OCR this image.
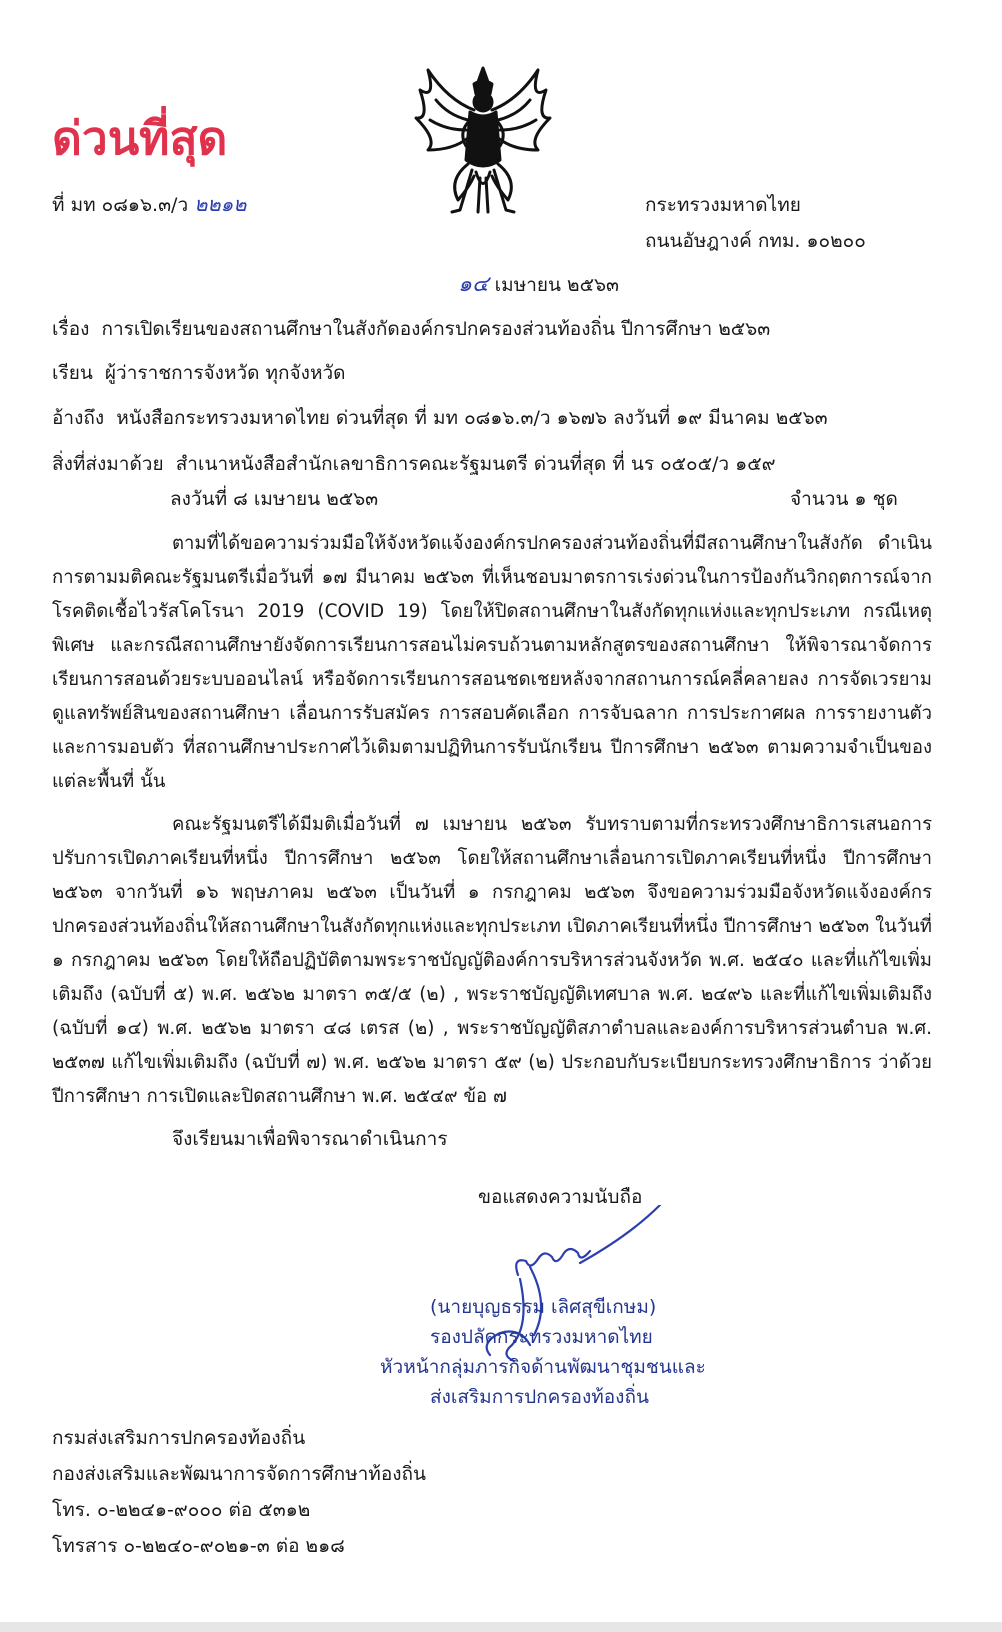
ด่วนที่สุด
ที่ มท ๐๘๑๖.๓/ว ๒๒๑๒	กระทรวงมหาดไทย
ถนนอัษฎางค์ กทม. ๑๐๒๐๐
๑๔ เมษายน ๒๕๖๓
เรื่อง การเปิดเรียนของสถานศึกษาในสังกัดองค์กรปกครองส่วนท้องถิ่น ปีการศึกษา ๒๕๖๓
เรียน ผู้ว่าราชการจังหวัด ทุกจังหวัด
อ้างถึง หนังสือกระทรวงมหาดไทย ด่วนที่สุด ที่ มท ๐๘๑๖.๓/ว ๑๖๗๖ ลงวันที่ ๑๙ มีนาคม ๒๕๖๓
สิ่งที่ส่งมาด้วย สำเนาหนังสือสำนักเลขาธิการคณะรัฐมนตรี ด่วนที่สุด ที่ นร ๐๕๐๕/ว ๑๕๙
ลงวันที่ ๘ เมษายน ๒๕๖๓	จำนวน ๑ ชุด
ตามที่ได้ขอความร่วมมือให้จังหวัดแจ้งองค์กรปกครองส่วนท้องถิ่นที่มีสถานศึกษาในสังกัด ดำเนินการตามมติคณะรัฐมนตรีเมื่อวันที่ ๑๗ มีนาคม ๒๕๖๓ ที่เห็นชอบมาตรการเร่งด่วนในการป้องกันวิกฤตการณ์จากโรคติดเชื้อไวรัสโคโรนา 2019 (COVID 19) โดยให้ปิดสถานศึกษาในสังกัดทุกแห่งและทุกประเภท กรณีเหตุพิเศษ และกรณีสถานศึกษายังจัดการเรียนการสอนไม่ครบถ้วนตามหลักสูตรของสถานศึกษา ให้พิจารณาจัดการเรียนการสอนด้วยระบบออนไลน์ หรือจัดการเรียนการสอนชดเชยหลังจากสถานการณ์คลี่คลายลง การจัดเวรยามดูแลทรัพย์สินของสถานศึกษา เลื่อนการรับสมัคร การสอบคัดเลือก การจับฉลาก การประกาศผล การรายงานตัว และการมอบตัว ที่สถานศึกษาประกาศไว้เดิมตามปฏิทินการรับนักเรียน ปีการศึกษา ๒๕๖๓ ตามความจำเป็นของแต่ละพื้นที่ นั้น
คณะรัฐมนตรีได้มีมติเมื่อวันที่ ๗ เมษายน ๒๕๖๓ รับทราบตามที่กระทรวงศึกษาธิการเสนอการปรับการเปิดภาคเรียนที่หนึ่ง ปีการศึกษา ๒๕๖๓ โดยให้สถานศึกษาเลื่อนการเปิดภาคเรียนที่หนึ่ง ปีการศึกษา ๒๕๖๓ จากวันที่ ๑๖ พฤษภาคม ๒๕๖๓ เป็นวันที่ ๑ กรกฎาคม ๒๕๖๓ จึงขอความร่วมมือจังหวัดแจ้งองค์กรปกครองส่วนท้องถิ่นให้สถานศึกษาในสังกัดทุกแห่งและทุกประเภท เปิดภาคเรียนที่หนึ่ง ปีการศึกษา ๒๕๖๓ ในวันที่ ๑ กรกฎาคม ๒๕๖๓ โดยให้ถือปฏิบัติตามพระราชบัญญัติองค์การบริหารส่วนจังหวัด พ.ศ. ๒๕๔๐ และที่แก้ไขเพิ่มเติมถึง (ฉบับที่ ๕) พ.ศ. ๒๕๖๒ มาตรา ๓๕/๕ (๒) , พระราชบัญญัติเทศบาล พ.ศ. ๒๔๙๖ และที่แก้ไขเพิ่มเติมถึง (ฉบับที่ ๑๔) พ.ศ. ๒๕๖๒ มาตรา ๔๘ เตรส (๒) , พระราชบัญญัติสภาตำบลและองค์การบริหารส่วนตำบล พ.ศ. ๒๕๓๗ แก้ไขเพิ่มเติมถึง (ฉบับที่ ๗) พ.ศ. ๒๕๖๒ มาตรา ๕๙ (๒) ประกอบกับระเบียบกระทรวงศึกษาธิการ ว่าด้วยปีการศึกษา การเปิดและปิดสถานศึกษา พ.ศ. ๒๕๔๙ ข้อ ๗
จึงเรียนมาเพื่อพิจารณาดำเนินการ
ขอแสดงความนับถือ
(นายบุญธรรม เลิศสุขีเกษม)
รองปลัดกระทรวงมหาดไทย
หัวหน้ากลุ่มภารกิจด้านพัฒนาชุมชนและ
ส่งเสริมการปกครองท้องถิ่น
กรมส่งเสริมการปกครองท้องถิ่น
กองส่งเสริมและพัฒนาการจัดการศึกษาท้องถิ่น
โทร. ๐-๒๒๔๑-๙๐๐๐ ต่อ ๕๓๑๒
โทรสาร ๐-๒๒๔๐-๙๐๒๑-๓ ต่อ ๒๑๘
